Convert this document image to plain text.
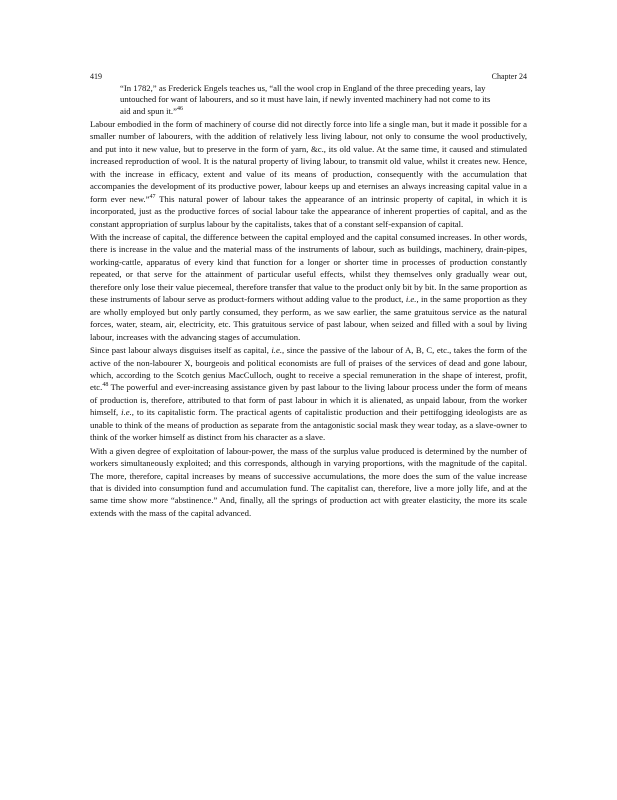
419	Chapter 24
“In 1782,” as Frederick Engels teaches us, “all the wool crop in England of the three preceding years, lay untouched for want of labourers, and so it must have lain, if newly invented machinery had not come to its aid and spun it.”$^{46}$

Labour embodied in the form of machinery of course did not directly force into life a single man, but it made it possible for a smaller number of labourers, with the addition of relatively less living labour, not only to consume the wool productively, and put into it new value, but to preserve in the form of yarn, &c., its old value. At the same time, it caused and stimulated increased reproduction of wool. It is the natural property of living labour, to transmit old value, whilst it creates new. Hence, with the increase in efficacy, extent and value of its means of production, consequently with the accumulation that accompanies the development of its productive power, labour keeps up and eternises an always increasing capital value in a form ever new.”$^{47}$ This natural power of labour takes the appearance of an intrinsic property of capital, in which it is incorporated, just as the productive forces of social labour take the appearance of inherent properties of capital, and as the constant appropriation of surplus labour by the capitalists, takes that of a constant self-expansion of capital.

With the increase of capital, the difference between the capital employed and the capital consumed increases. In other words, there is increase in the value and the material mass of the instruments of labour, such as buildings, machinery, drain-pipes, working-cattle, apparatus of every kind that function for a longer or shorter time in processes of production constantly repeated, or that serve for the attainment of particular useful effects, whilst they themselves only gradually wear out, therefore only lose their value piecemeal, therefore transfer that value to the product only bit by bit. In the same proportion as these instruments of labour serve as product-formers without adding value to the product, i.e., in the same proportion as they are wholly employed but only partly consumed, they perform, as we saw earlier, the same gratuitous service as the natural forces, water, steam, air, electricity, etc. This gratuitous service of past labour, when seized and filled with a soul by living labour, increases with the advancing stages of accumulation.

Since past labour always disguises itself as capital, i.e., since the passive of the labour of A, B, C, etc., takes the form of the active of the non-labourer X, bourgeois and political economists are full of praises of the services of dead and gone labour, which, according to the Scotch genius MacCulloch, ought to receive a special remuneration in the shape of interest, profit, etc.$^{48}$ The powerful and ever-increasing assistance given by past labour to the living labour process under the form of means of production is, therefore, attributed to that form of past labour in which it is alienated, as unpaid labour, from the worker himself, i.e., to its capitalistic form. The practical agents of capitalistic production and their pettifogging ideologists are as unable to think of the means of production as separate from the antagonistic social mask they wear today, as a slave-owner to think of the worker himself as distinct from his character as a slave.

With a given degree of exploitation of labour-power, the mass of the surplus value produced is determined by the number of workers simultaneously exploited; and this corresponds, although in varying proportions, with the magnitude of the capital. The more, therefore, capital increases by means of successive accumulations, the more does the sum of the value increase that is divided into consumption fund and accumulation fund. The capitalist can, therefore, live a more jolly life, and at the same time show more “abstinence.” And, finally, all the springs of production act with greater elasticity, the more its scale extends with the mass of the capital advanced.
